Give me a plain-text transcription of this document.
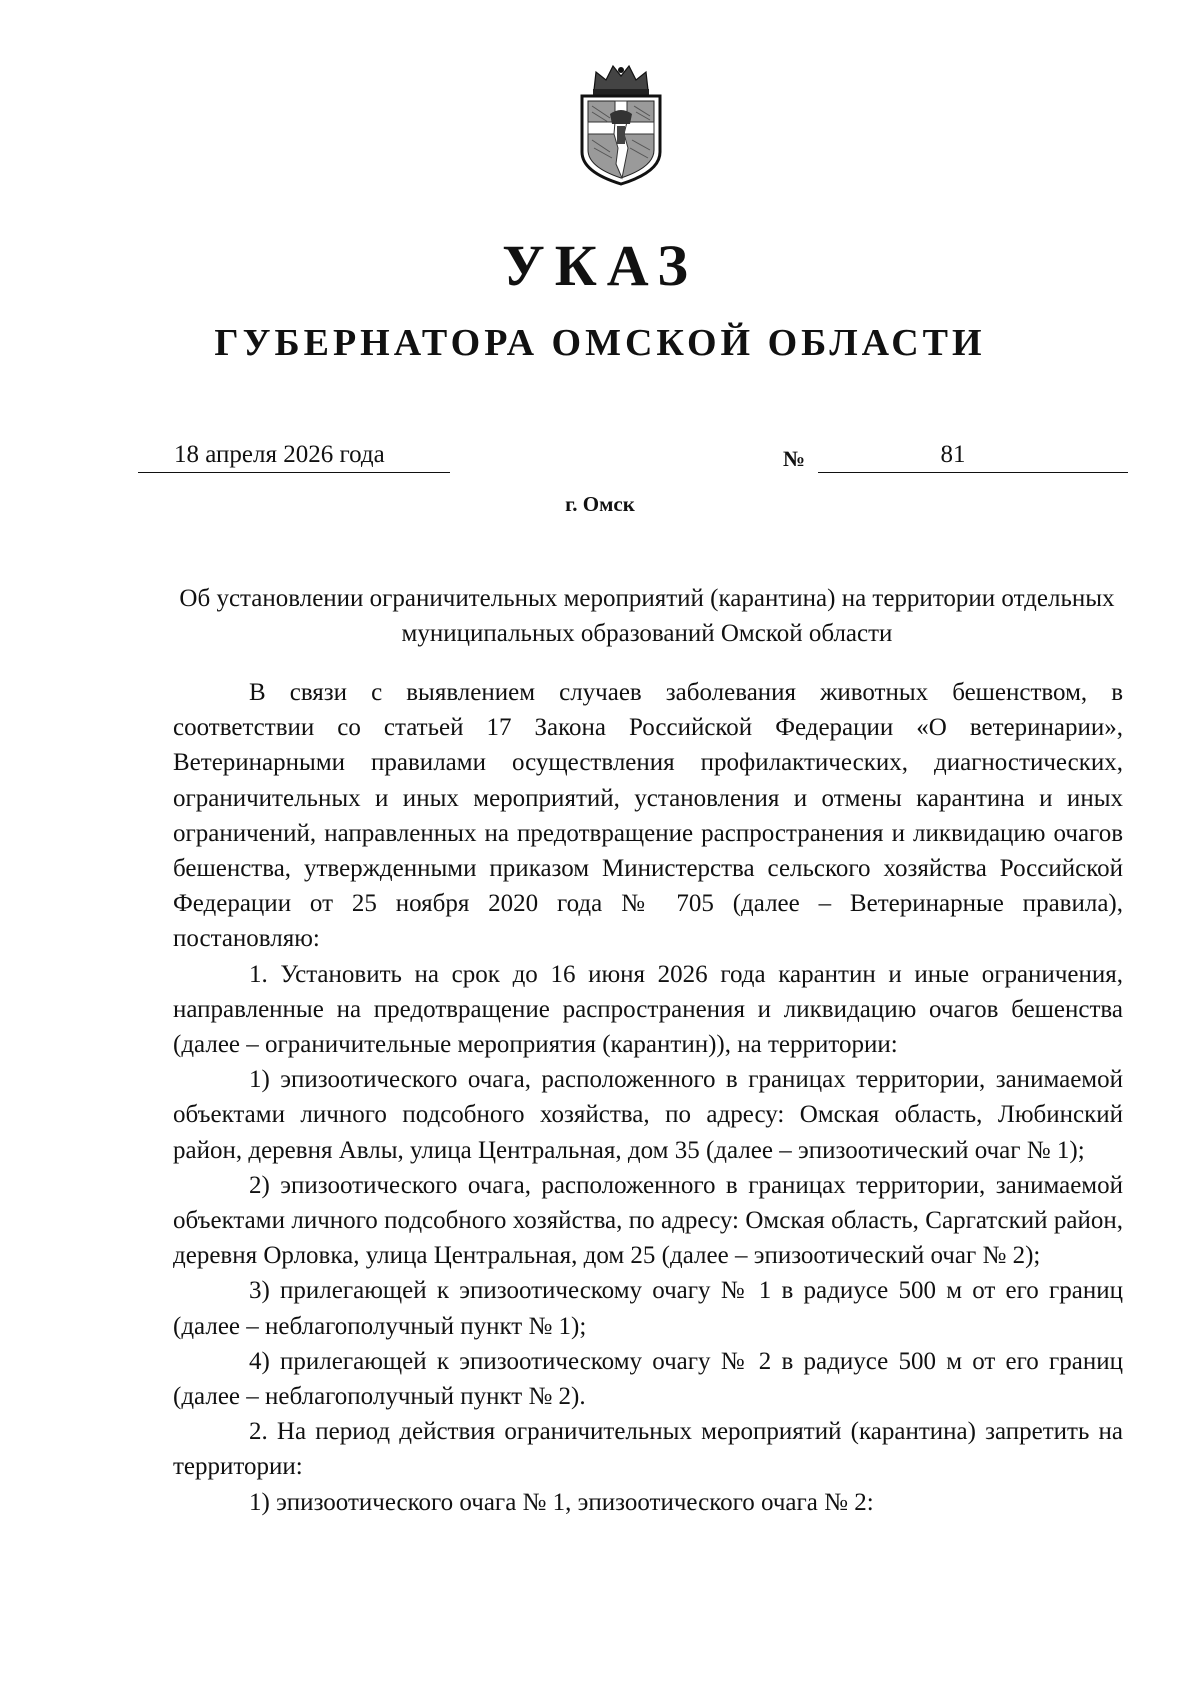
УКАЗ
ГУБЕРНАТОРА ОМСКОЙ ОБЛАСТИ
18 апреля 2026 года	№	81
г. Омск

Об установлении ограничительных мероприятий (карантина) на территории отдельных муниципальных образований Омской области

В связи с выявлением случаев заболевания животных бешенством, в соответствии со статьей 17 Закона Российской Федерации «О ветеринарии», Ветеринарными правилами осуществления профилактических, диагностических, ограничительных и иных мероприятий, установления и отмены карантина и иных ограничений, направленных на предотвращение распространения и ликвидацию очагов бешенства, утвержденными приказом Министерства сельского хозяйства Российской Федерации от 25 ноября 2020 года № 705 (далее – Ветеринарные правила), постановляю:

1. Установить на срок до 16 июня 2026 года карантин и иные ограничения, направленные на предотвращение распространения и ликвидацию очагов бешенства (далее – ограничительные мероприятия (карантин)), на территории:

1) эпизоотического очага, расположенного в границах территории, занимаемой объектами личного подсобного хозяйства, по адресу: Омская область, Любинский район, деревня Авлы, улица Центральная, дом 35 (далее – эпизоотический очаг № 1);

2) эпизоотического очага, расположенного в границах территории, занимаемой объектами личного подсобного хозяйства, по адресу: Омская область, Саргатский район, деревня Орловка, улица Центральная, дом 25 (далее – эпизоотический очаг № 2);

3) прилегающей к эпизоотическому очагу № 1 в радиусе 500 м от его границ (далее – неблагополучный пункт № 1);

4) прилегающей к эпизоотическому очагу № 2 в радиусе 500 м от его границ (далее – неблагополучный пункт № 2).

2. На период действия ограничительных мероприятий (карантина) запретить на территории:

1) эпизоотического очага № 1, эпизоотического очага № 2:
